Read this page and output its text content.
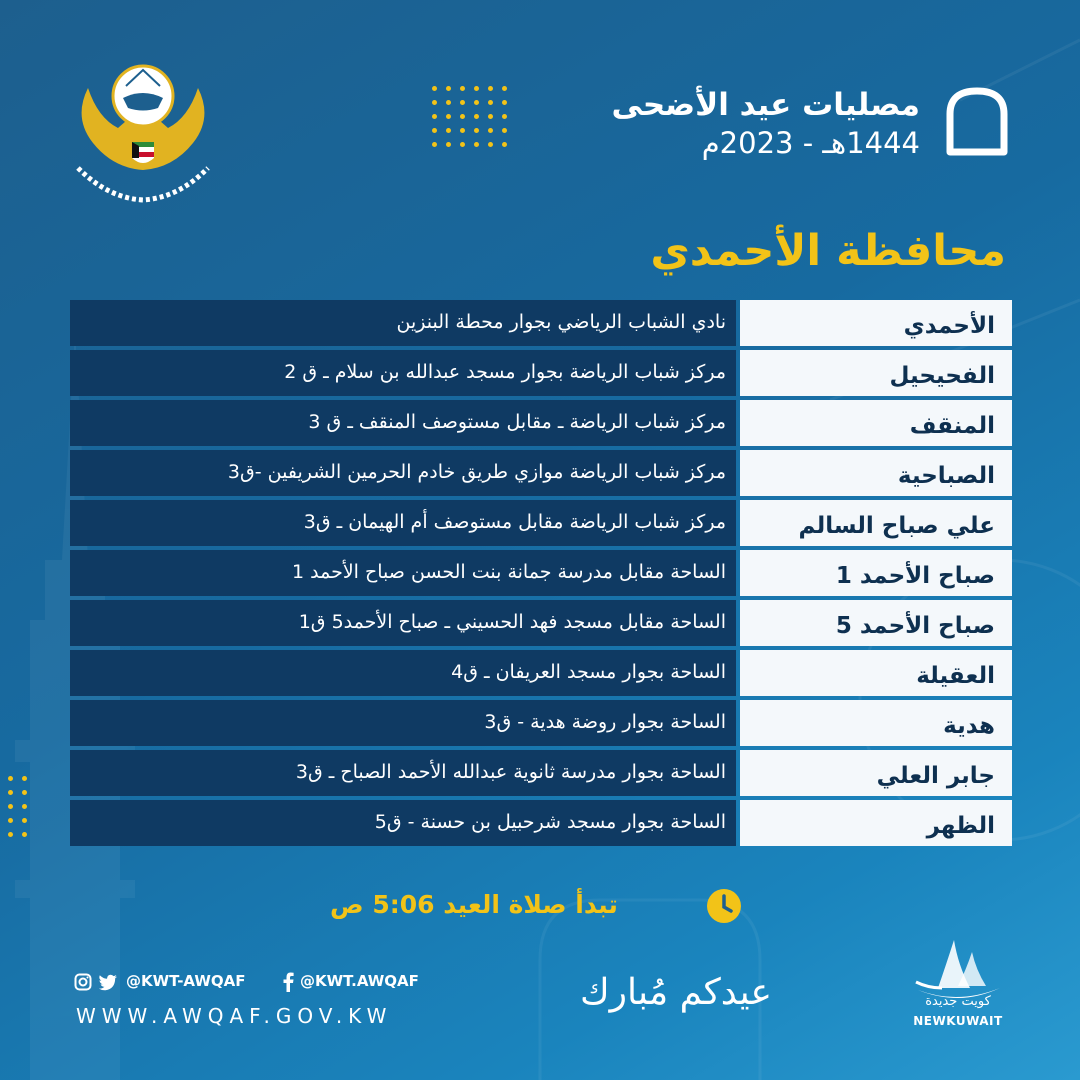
مصليات عيد الأضحى
1444هـ - 2023م
محافظة الأحمدي
الأحمدي
نادي الشباب الرياضي بجوار محطة البنزين
الفحيحيل
مركز شباب الرياضة بجوار مسجد عبدالله بن سلام ـ ق 2
المنقف
مركز شباب الرياضة ـ مقابل مستوصف المنقف ـ ق 3
الصباحية
مركز شباب الرياضة موازي طريق خادم الحرمين الشريفين -ق3
علي صباح السالم
مركز شباب الرياضة مقابل مستوصف أم الهيمان ـ ق3
صباح الأحمد 1
الساحة مقابل مدرسة جمانة بنت الحسن صباح الأحمد 1
صباح الأحمد 5
الساحة مقابل مسجد فهد الحسيني ـ صباح الأحمد5 ق1
العقيلة
الساحة بجوار مسجد العريفان ـ ق4
هدية
الساحة بجوار روضة هدية - ق3
جابر العلي
الساحة بجوار مدرسة ثانوية عبدالله الأحمد الصباح ـ ق3
الظهر
الساحة بجوار مسجد شرحبيل بن حسنة - ق5
تبدأ صلاة العيد 5:06 ص
@KWT-AWQAF	@KWT.AWQAF
WWW.AWQAF.GOV.KW
عيدكم مُبارك	كويت جديدة
NEWKUWAIT
